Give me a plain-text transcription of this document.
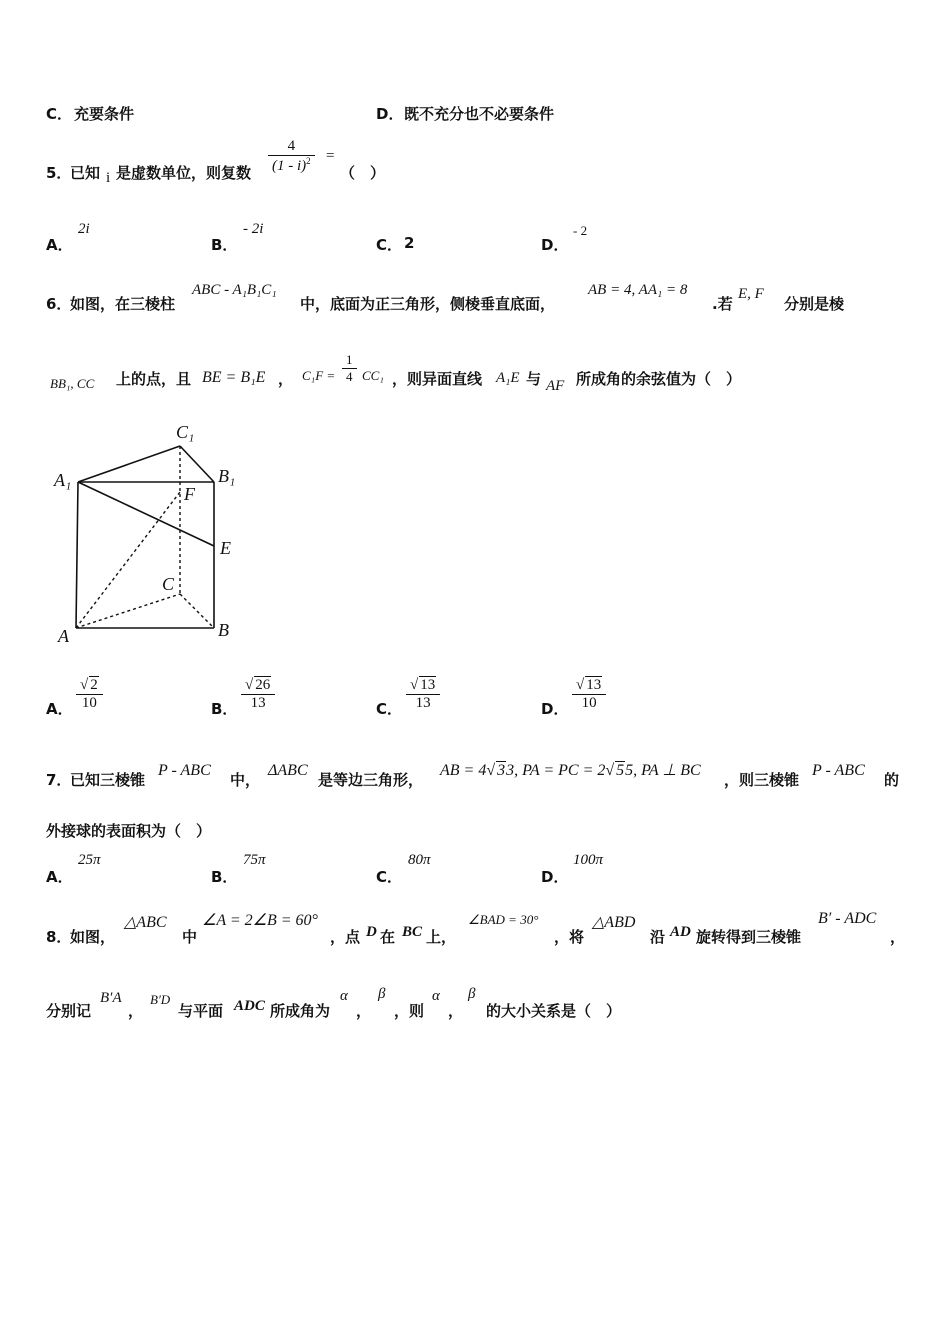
C． 充要条件	D． 既不充分也不必要条件
5．
已知 i 是虚数单位，则复数
4
(1 - i)$^2$ =
（　）
A．
2i
B．
- 2i
C． 2	D．
- 2
6．
如图，在三棱柱
ABC - A₁B₁C₁
中，底面为正三角形，侧棱垂直底面，
AB = 4, AA₁ = 8
.若
E, F
分别是棱
BB₁, CC 上的点，且 BE = B₁E ， C₁F =
1
4 CC₁ ，则异面直线 A₁E 与 AF 所成角的余弦值为（　）
C₁
A₁	B₁
F
E
C
A	B
A．
√ 2
10	B．
√ 26
13	C．
√ 13
13	D．
√ 13
10
7．
已知三棱锥
P - ABC
中，
ΔABC
是等边三角形，
AB = 4√ 33, PA = PC = 2√ 55, PA ⊥ BC
，则三棱锥
P - ABC
的
外接球的表面积为（　）
A．
25π
B．
75π
C．
80π
D．
100π
8．
如图，
△ABC
中
∠A = 2∠B = 60°
，点 D 在 BC 上，
∠BAD = 30°
，将
△ABD
沿 AD 旋转得到三棱锥
B′ - ADC
，
分别记
B′A
，
B′D
与平面 ADC 所成角为
α
，
β
，则
α
，
β
的大小关系是（　）
